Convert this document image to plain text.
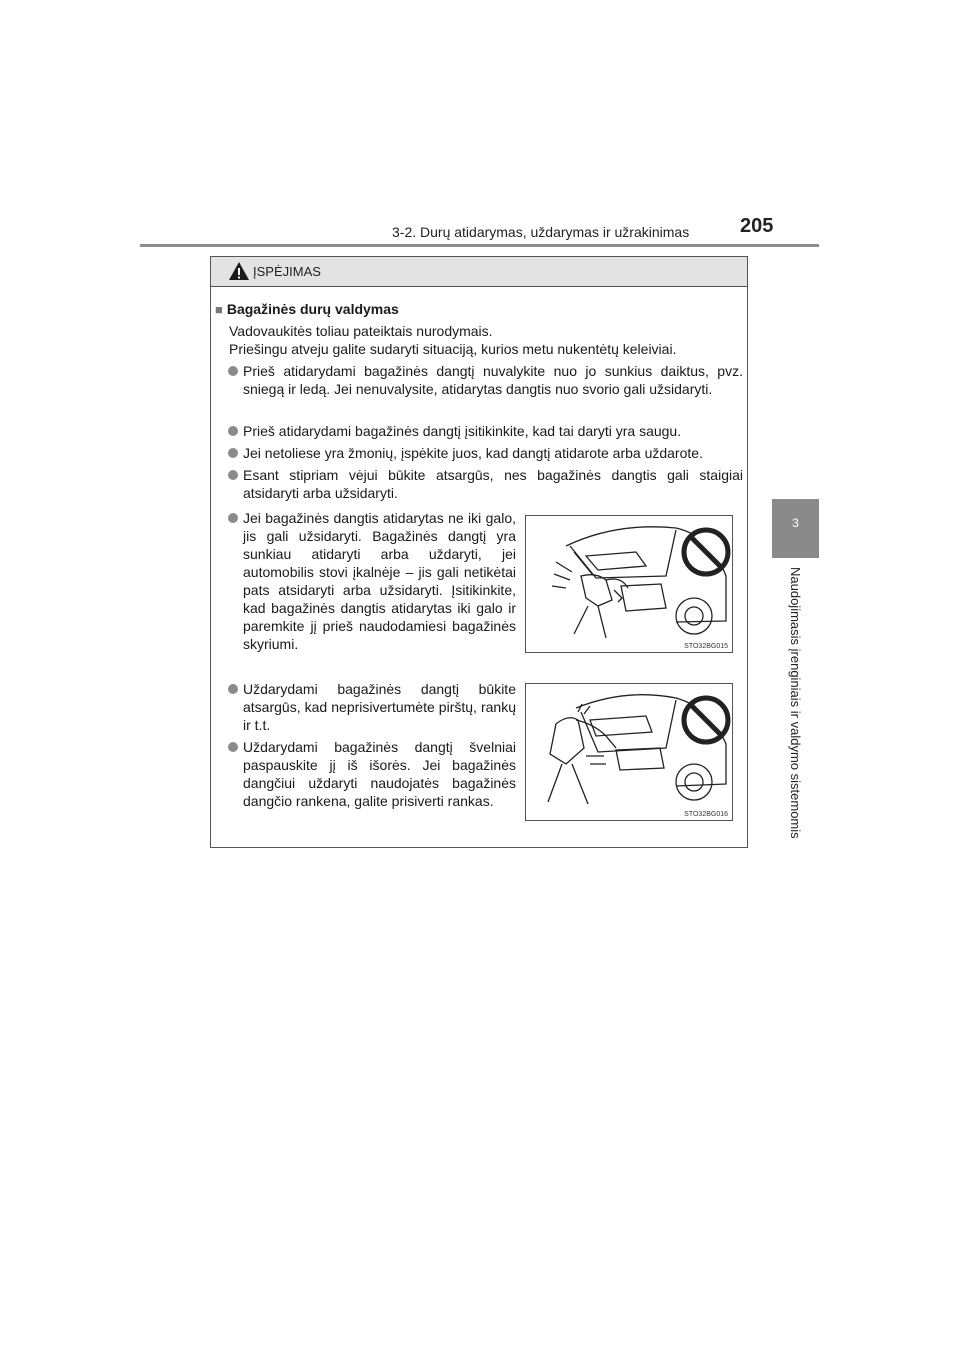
3-2. Durų atidarymas, uždarymas ir užrakinimas	205
3
Naudojimasis įrenginiais ir valdymo sistemomis
ĮSPĖJIMAS
■ Bagažinės durų valdymas
Vadovaukitės toliau pateiktais nurodymais.
Priešingu atveju galite sudaryti situaciją, kurios metu nukentėtų keleiviai.
Prieš atidarydami bagažinės dangtį nuvalykite nuo jo sunkius daiktus, pvz. sniegą ir ledą. Jei nenuvalysite, atidarytas dangtis nuo svorio gali užsidaryti.
Prieš atidarydami bagažinės dangtį įsitikinkite, kad tai daryti yra saugu.
Jei netoliese yra žmonių, įspėkite juos, kad dangtį atidarote arba uždarote.
Esant stipriam vėjui būkite atsargūs, nes bagažinės dangtis gali staigiai atsidaryti arba užsidaryti.
Jei bagažinės dangtis atidarytas ne iki galo, jis gali užsidaryti. Bagažinės dangtį yra sunkiau atidaryti arba uždaryti, jei automobilis stovi įkalnėje – jis gali netikėtai pats atsidaryti arba užsidaryti. Įsitikinkite, kad bagažinės dangtis atidarytas iki galo ir paremkite jį prieš naudodamiesi bagažinės skyriumi.
Uždarydami bagažinės dangtį būkite atsargūs, kad neprisivertumėte pirštų, rankų ir t.t.
Uždarydami bagažinės dangtį švelniai paspauskite jį iš išorės. Jei bagažinės dangčiui uždaryti naudojatės bagažinės dangčio rankena, galite prisiverti rankas.
STO32BG015
STO32BG016
